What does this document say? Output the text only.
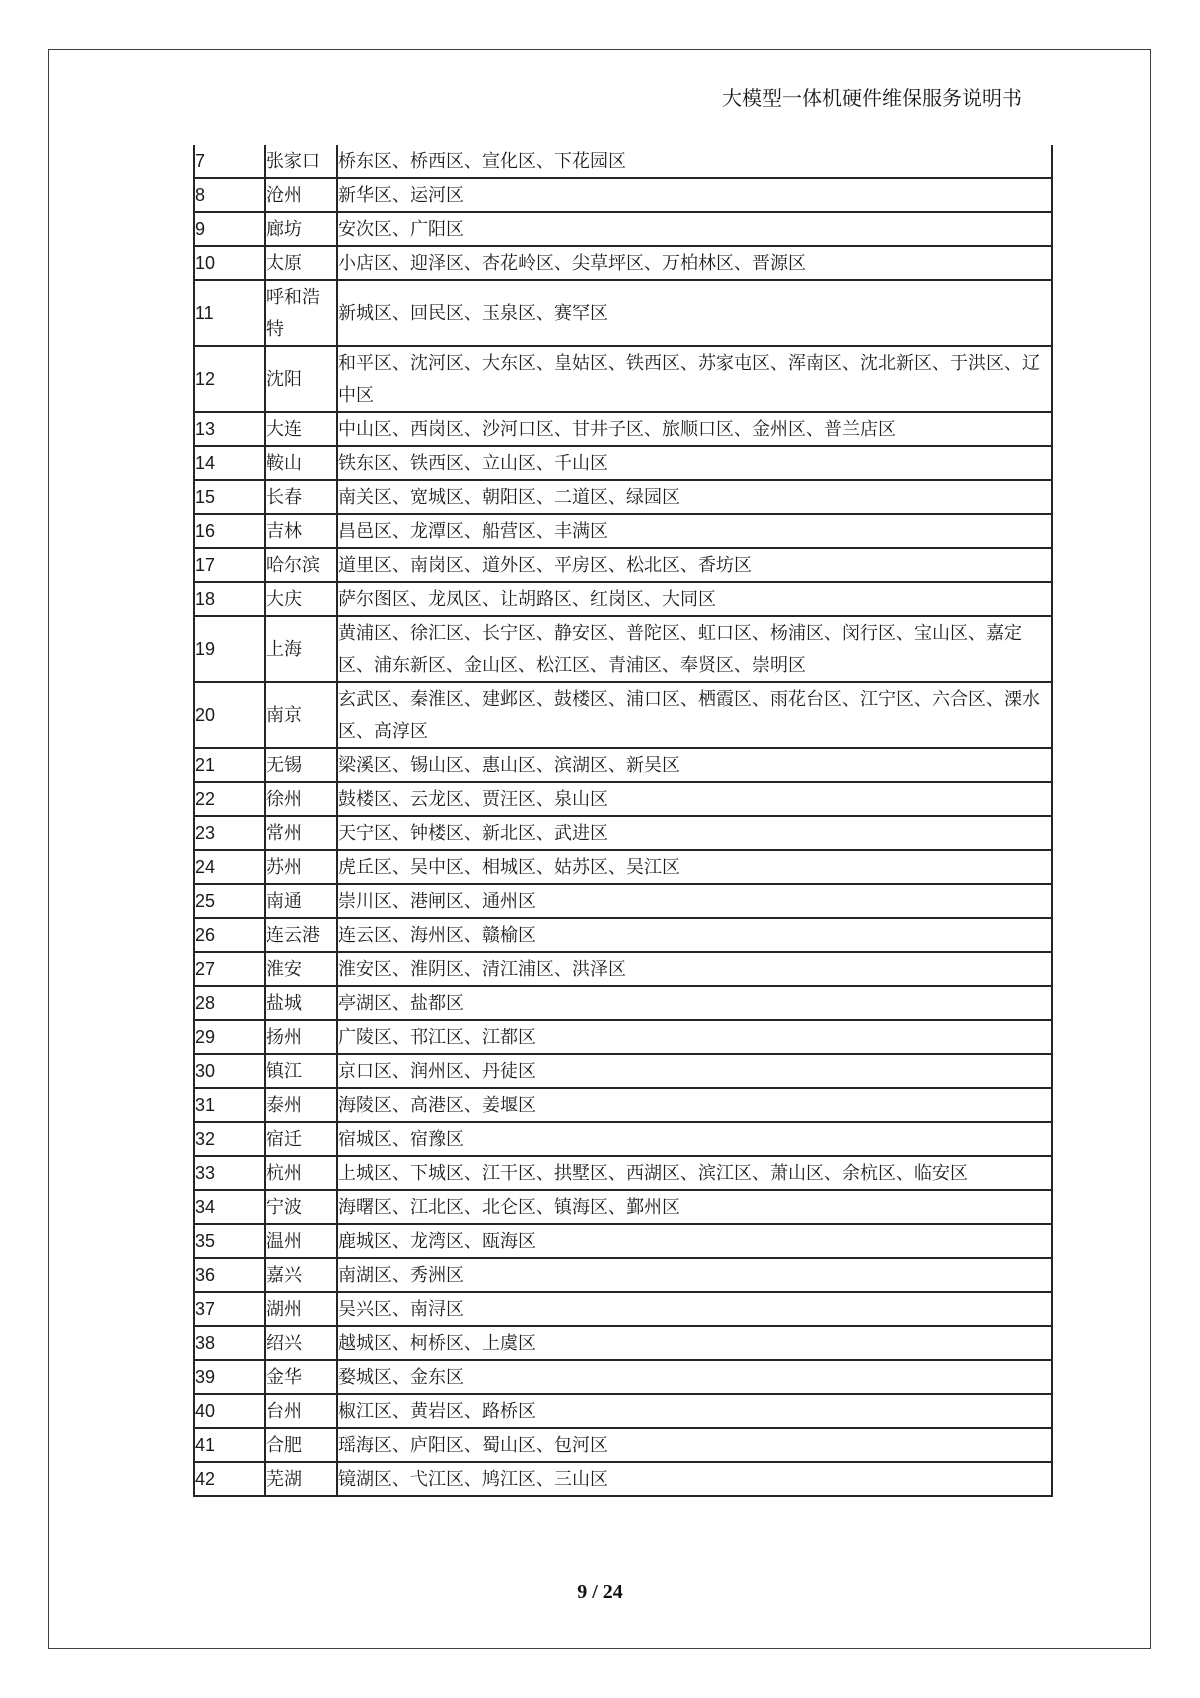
大模型一体机硬件维保服务说明书
7	张家口	桥东区、桥西区、宣化区、下花园区
8	沧州	新华区、运河区
9	廊坊	安次区、广阳区
10	太原	小店区、迎泽区、杏花岭区、尖草坪区、万柏林区、晋源区
11	呼和浩特	新城区、回民区、玉泉区、赛罕区
12	沈阳	和平区、沈河区、大东区、皇姑区、铁西区、苏家屯区、浑南区、沈北新区、于洪区、辽中区
13	大连	中山区、西岗区、沙河口区、甘井子区、旅顺口区、金州区、普兰店区
14	鞍山	铁东区、铁西区、立山区、千山区
15	长春	南关区、宽城区、朝阳区、二道区、绿园区
16	吉林	昌邑区、龙潭区、船营区、丰满区
17	哈尔滨	道里区、南岗区、道外区、平房区、松北区、香坊区
18	大庆	萨尔图区、龙凤区、让胡路区、红岗区、大同区
19	上海	黄浦区、徐汇区、长宁区、静安区、普陀区、虹口区、杨浦区、闵行区、宝山区、嘉定区、浦东新区、金山区、松江区、青浦区、奉贤区、崇明区
20	南京	玄武区、秦淮区、建邺区、鼓楼区、浦口区、栖霞区、雨花台区、江宁区、六合区、溧水区、高淳区
21	无锡	梁溪区、锡山区、惠山区、滨湖区、新吴区
22	徐州	鼓楼区、云龙区、贾汪区、泉山区
23	常州	天宁区、钟楼区、新北区、武进区
24	苏州	虎丘区、吴中区、相城区、姑苏区、吴江区
25	南通	崇川区、港闸区、通州区
26	连云港	连云区、海州区、赣榆区
27	淮安	淮安区、淮阴区、清江浦区、洪泽区
28	盐城	亭湖区、盐都区
29	扬州	广陵区、邗江区、江都区
30	镇江	京口区、润州区、丹徒区
31	泰州	海陵区、高港区、姜堰区
32	宿迁	宿城区、宿豫区
33	杭州	上城区、下城区、江干区、拱墅区、西湖区、滨江区、萧山区、余杭区、临安区
34	宁波	海曙区、江北区、北仑区、镇海区、鄞州区
35	温州	鹿城区、龙湾区、瓯海区
36	嘉兴	南湖区、秀洲区
37	湖州	吴兴区、南浔区
38	绍兴	越城区、柯桥区、上虞区
39	金华	婺城区、金东区
40	台州	椒江区、黄岩区、路桥区
41	合肥	瑶海区、庐阳区、蜀山区、包河区
42	芜湖	镜湖区、弋江区、鸠江区、三山区
9 / 24
